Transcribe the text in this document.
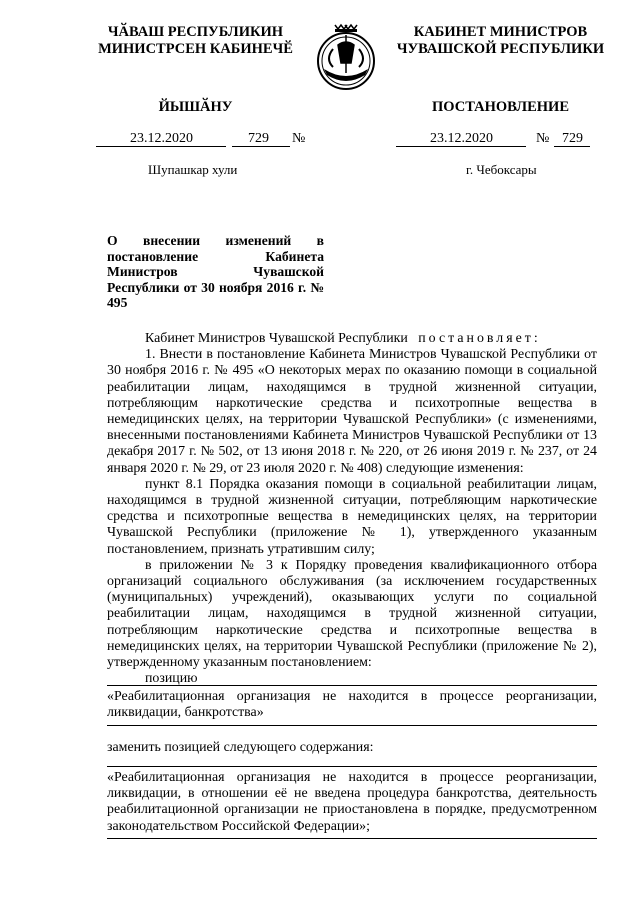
ЧӐВАШ РЕСПУБЛИКИН
МИНИСТРСЕН КАБИНЕЧӖ
ЙЫШӐНУ
КАБИНЕТ МИНИСТРОВ
ЧУВАШСКОЙ РЕСПУБЛИКИ
ПОСТАНОВЛЕНИЕ
23.12.2020	729 №	23.12.2020	№ 729
Шупашкар хули	г. Чебоксары
О внесении изменений в постановление Кабинета Министров Чувашской Республики от 30 ноября 2016 г. № 495

Кабинет Министров Чувашской Республики постановляет:

1. Внести в постановление Кабинета Министров Чувашской Республики от 30 ноября 2016 г. № 495 «О некоторых мерах по оказанию помощи в социальной реабилитации лицам, находящимся в трудной жизненной ситуации, потребляющим наркотические средства и психотропные вещества в немедицинских целях, на территории Чувашской Республики» (с изменениями, внесенными постановлениями Кабинета Министров Чувашской Республики от 13 декабря 2017 г. № 502, от 13 июня 2018 г. № 220, от 26 июня 2019 г. № 237, от 24 января 2020 г. № 29, от 23 июля 2020 г. № 408) следующие изменения:

пункт 8.1 Порядка оказания помощи в социальной реабилитации лицам, находящимся в трудной жизненной ситуации, потребляющим наркотические средства и психотропные вещества в немедицинских целях, на территории Чувашской Республики (приложение № 1), утвержденного указанным постановлением, признать утратившим силу;

в приложении № 3 к Порядку проведения квалификационного отбора организаций социального обслуживания (за исключением государственных (муниципальных) учреждений), оказывающих услуги по социальной реабилитации лицам, находящимся в трудной жизненной ситуации, потребляющим наркотические средства и психотропные вещества в немедицинских целях, на территории Чувашской Республики (приложение № 2), утвержденному указанным постановлением:

позицию

«Реабилитационная организация не находится в процессе реорганизации, ликвидации, банкротства»
заменить позицией следующего содержания:
«Реабилитационная организация не находится в процессе реорганизации, ликвидации, в отношении её не введена процедура банкротства, деятельность реабилитационной организации не приостановлена в порядке, предусмотренном законодательством Российской Федерации»;
